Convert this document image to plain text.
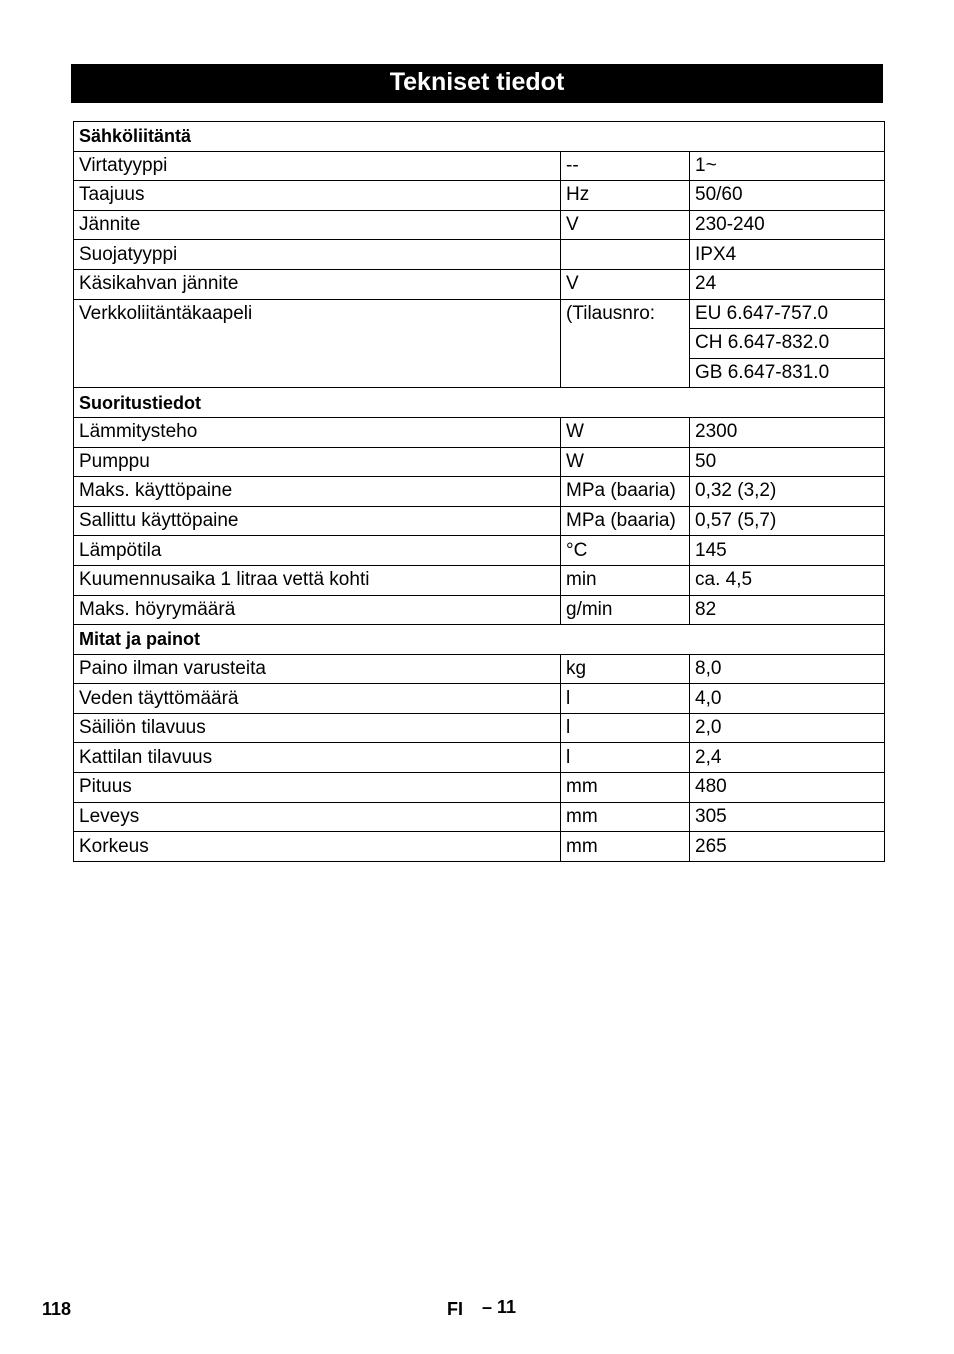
Tekniset tiedot
Sähköliitäntä		
Virtatyyppi	--	1~
Taajuus	Hz	50/60
Jännite	V	230-240
Suojatyyppi		IPX4
Käsikahvan jännite	V	24
Verkkoliitäntäkaapeli	(Tilausnro:	EU 6.647-757.0
		CH 6.647-832.0
		GB 6.647-831.0
Suoritustiedot		
Lämmitysteho	W	2300
Pumppu	W	50
Maks. käyttöpaine	MPa (baaria)	0,32 (3,2)
Sallittu käyttöpaine	MPa (baaria)	0,57 (5,7)
Lämpötila	°C	145
Kuumennusaika 1 litraa vettä kohti	min	ca. 4,5
Maks. höyrymäärä	g/min	82
Mitat ja painot		
Paino ilman varusteita	kg	8,0
Veden täyttömäärä	l	4,0
Säiliön tilavuus	l	2,0
Kattilan tilavuus	l	2,4
Pituus	mm	480
Leveys	mm	305
Korkeus	mm	265
118	FI – 11
